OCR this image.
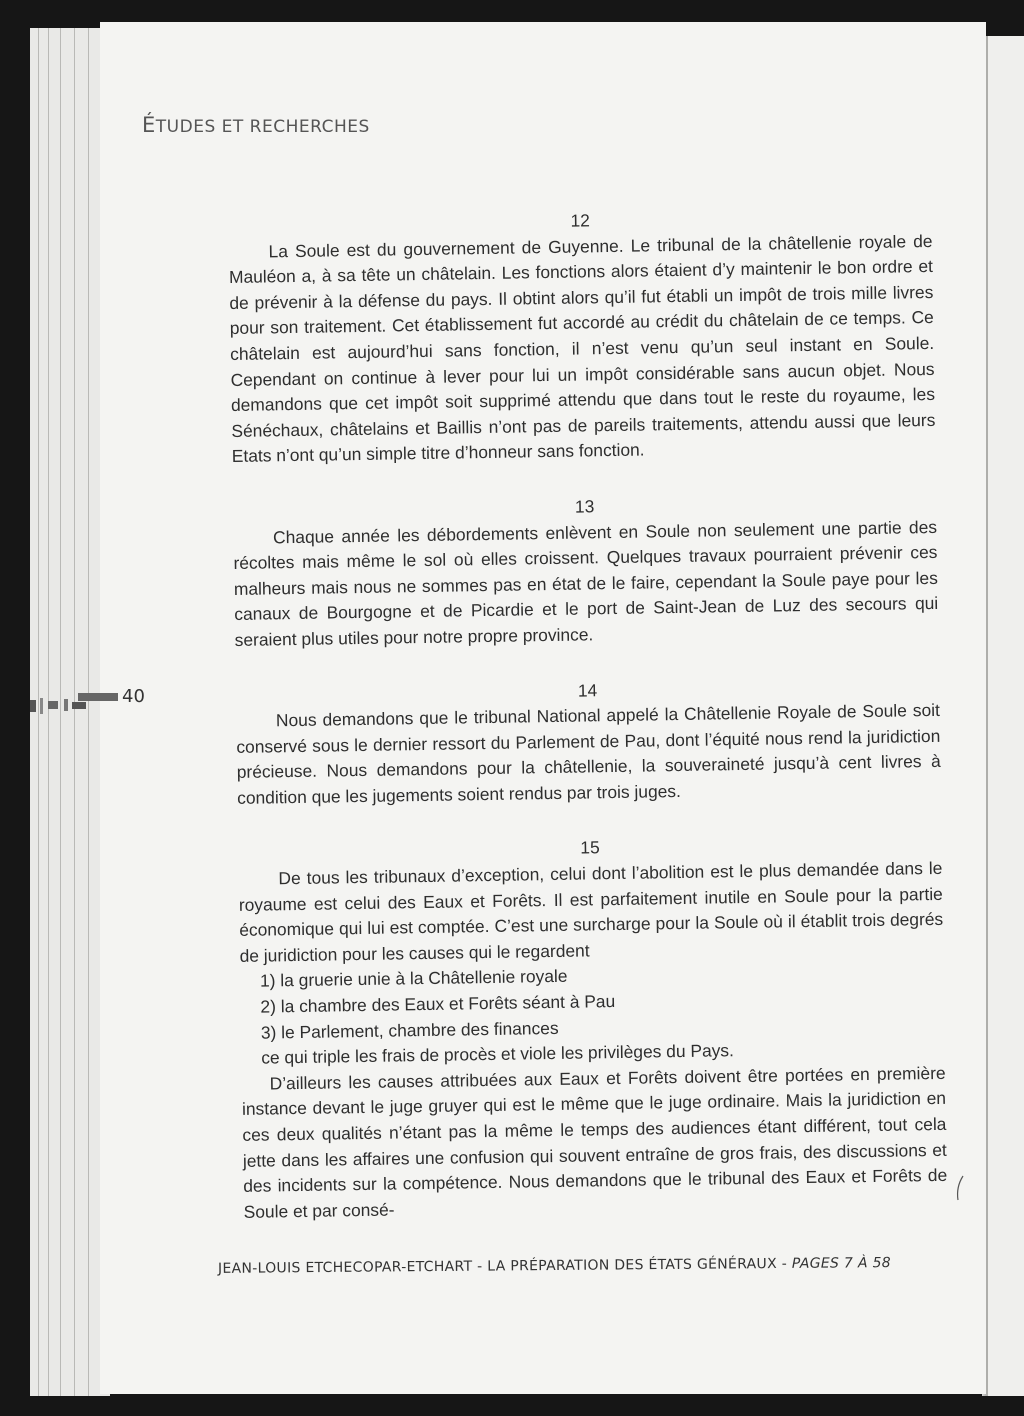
ÉTUDES ET RECHERCHES

12

La Soule est du gouvernement de Guyenne. Le tribunal de la châtellenie royale de Mauléon a, à sa tête un châtelain. Les fonctions alors étaient d’y maintenir le bon ordre et de prévenir à la défense du pays. Il obtint alors qu’il fut établi un impôt de trois mille livres pour son traitement. Cet établissement fut accordé au crédit du châtelain de ce temps. Ce châtelain est aujourd’hui sans fonction, il n’est venu qu’un seul instant en Soule. Cependant on continue à lever pour lui un impôt considérable sans aucun objet. Nous demandons que cet impôt soit supprimé attendu que dans tout le reste du royaume, les Sénéchaux, châtelains et Baillis n’ont pas de pareils traitements, attendu aussi que leurs Etats n’ont qu’un simple titre d’honneur sans fonction.

13

Chaque année les débordements enlèvent en Soule non seulement une partie des récoltes mais même le sol où elles croissent. Quelques travaux pourraient prévenir ces malheurs mais nous ne sommes pas en état de le faire, cependant la Soule paye pour les canaux de Bourgogne et de Picardie et le port de Saint-Jean de Luz des secours qui seraient plus utiles pour notre propre province.

14

Nous demandons que le tribunal National appelé la Châtellenie Royale de Soule soit conservé sous le dernier ressort du Parlement de Pau, dont l’équité nous rend la juridiction précieuse. Nous demandons pour la châtellenie, la souveraineté jusqu’à cent livres à condition que les jugements soient rendus par trois juges.

15

De tous les tribunaux d’exception, celui dont l’abolition est le plus demandée dans le royaume est celui des Eaux et Forêts. Il est parfaitement inutile en Soule pour la partie économique qui lui est comptée. C’est une surcharge pour la Soule où il établit trois degrés de juridiction pour les causes qui le regardent

1) la gruerie unie à la Châtellenie royale

2) la chambre des Eaux et Forêts séant à Pau

3) le Parlement, chambre des finances

ce qui triple les frais de procès et viole les privilèges du Pays.

D’ailleurs les causes attribuées aux Eaux et Forêts doivent être portées en première instance devant le juge gruyer qui est le même que le juge ordinaire. Mais la juridiction en ces deux qualités n’étant pas la même le temps des audiences étant différent, tout cela jette dans les affaires une confusion qui souvent entraîne de gros frais, des discussions et des incidents sur la compétence. Nous demandons que le tribunal des Eaux et Forêts de Soule et par consé-

40
JEAN-LOUIS ETCHECOPAR-ETCHART - LA PRÉPARATION DES ÉTATS GÉNÉRAUX - PAGES 7 À 58
